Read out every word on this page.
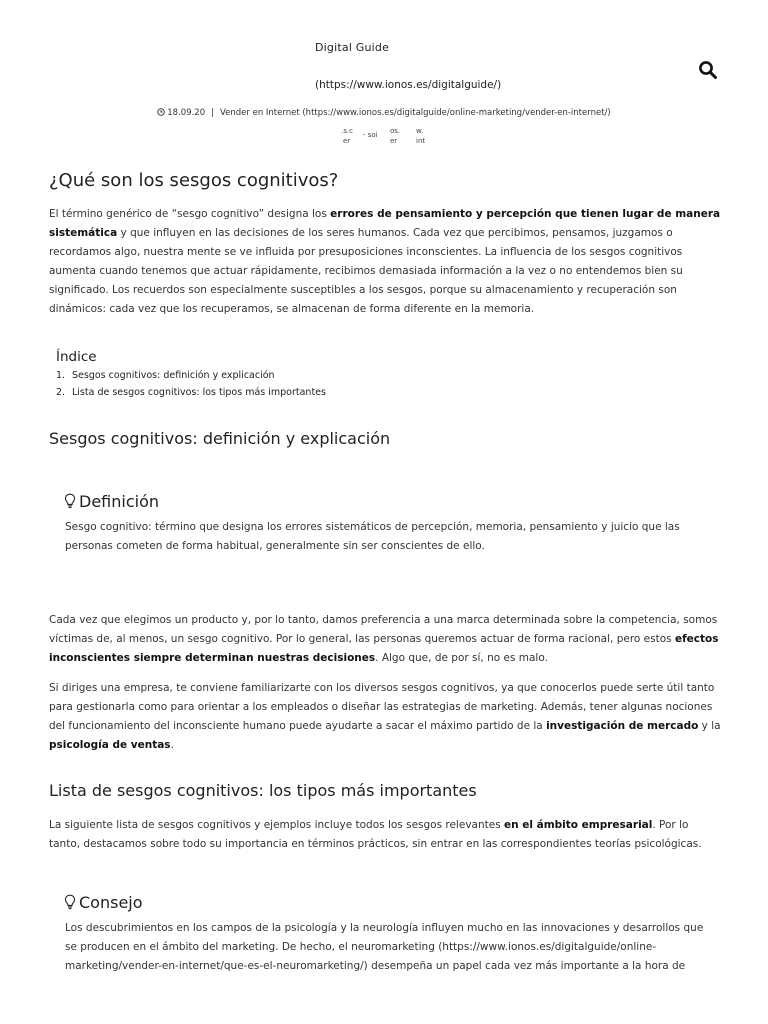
Digital Guide
(https://www.ionos.es/digitalguide/)
18.09.20 | Vender en Internet (https://www.ionos.es/digitalguide/online-marketing/vender-en-internet/)
.s.c
er
- soi	os.
er
w.
int
¿Qué son los sesgos cognitivos?
El término genérico de “sesgo cognitivo” designa los errores de pensamiento y percepción que tienen lugar de manera sistemática y que influyen en las decisiones de los seres humanos. Cada vez que percibimos, pensamos, juzgamos o recordamos algo, nuestra mente se ve influida por presuposiciones inconscientes. La influencia de los sesgos cognitivos aumenta cuando tenemos que actuar rápidamente, recibimos demasiada información a la vez o no entendemos bien su significado. Los recuerdos son especialmente susceptibles a los sesgos, porque su almacenamiento y recuperación son dinámicos: cada vez que los recuperamos, se almacenan de forma diferente en la memoria.
Índice
1. Sesgos cognitivos: definición y explicación
2. Lista de sesgos cognitivos: los tipos más importantes
Sesgos cognitivos: definición y explicación
Definición
Sesgo cognitivo: término que designa los errores sistemáticos de percepción, memoria, pensamiento y juicio que las personas cometen de forma habitual, generalmente sin ser conscientes de ello.
Cada vez que elegimos un producto y, por lo tanto, damos preferencia a una marca determinada sobre la competencia, somos víctimas de, al menos, un sesgo cognitivo. Por lo general, las personas queremos actuar de forma racional, pero estos efectos inconscientes siempre determinan nuestras decisiones. Algo que, de por sí, no es malo.
Si diriges una empresa, te conviene familiarizarte con los diversos sesgos cognitivos, ya que conocerlos puede serte útil tanto para gestionarla como para orientar a los empleados o diseñar las estrategias de marketing. Además, tener algunas nociones del funcionamiento del inconsciente humano puede ayudarte a sacar el máximo partido de la investigación de mercado y la psicología de ventas.
Lista de sesgos cognitivos: los tipos más importantes
La siguiente lista de sesgos cognitivos y ejemplos incluye todos los sesgos relevantes en el ámbito empresarial. Por lo tanto, destacamos sobre todo su importancia en términos prácticos, sin entrar en las correspondientes teorías psicológicas.
Consejo
Los descubrimientos en los campos de la psicología y la neurología influyen mucho en las innovaciones y desarrollos que se producen en el ámbito del marketing. De hecho, el neuromarketing (https://www.ionos.es/digitalguide/online-marketing/vender-en-internet/que-es-el-neuromarketing/) desempeña un papel cada vez más importante a la hora de
